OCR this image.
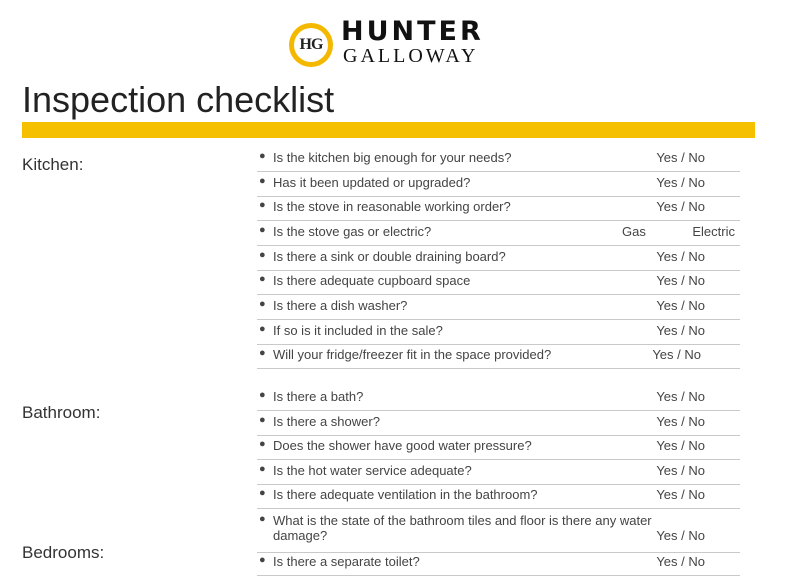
HG HUNTER
GALLOWAY
Inspection checklist
Kitchen:
Bathroom:
Bedrooms:
● Is the kitchen big enough for your needs?	Yes / No
● Has it been updated or upgraded?	Yes / No
● Is the stove in reasonable working order?	Yes / No
● Is the stove gas or electric?	Gas	Electric
● Is there a sink or double draining board?	Yes / No
● Is there adequate cupboard space	Yes / No
● Is there a dish washer?	Yes / No
● If so is it included in the sale?	Yes / No
● Will your fridge/freezer fit in the space provided?	Yes / No
● Is there a bath?	Yes / No
● Is there a shower?	Yes / No
● Does the shower have good water pressure?	Yes / No
● Is the hot water service adequate?	Yes / No
● Is there adequate ventilation in the bathroom?	Yes / No
● What is the state of the bathroom tiles and floor is there any water
damage?	Yes / No
● Is there a separate toilet?	Yes / No
